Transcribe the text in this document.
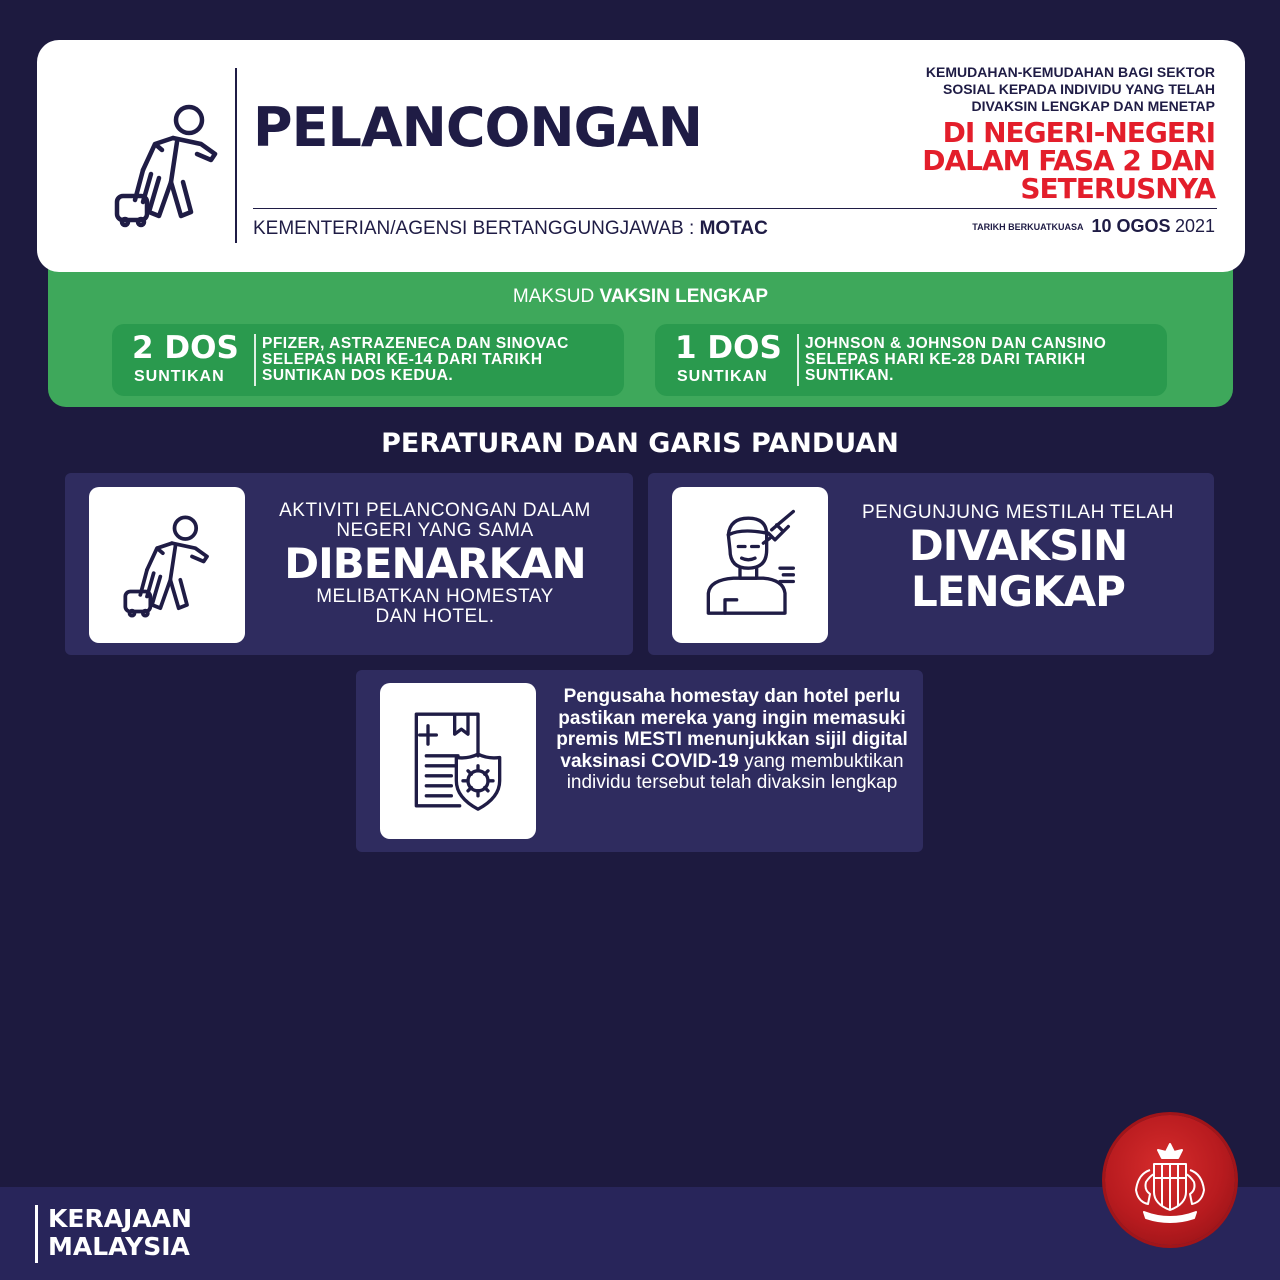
PELANCONGAN
KEMENTERIAN/AGENSI BERTANGGUNGJAWAB : MOTAC
KEMUDAHAN-KEMUDAHAN BAGI SEKTOR
SOSIAL KEPADA INDIVIDU YANG TELAH
DIVAKSIN LENGKAP DAN MENETAP
DI NEGERI-NEGERI
DALAM FASA 2 DAN
SETERUSNYA
TARIKH BERKUATKUASA 10 OGOS 2021
MAKSUD VAKSIN LENGKAP
2 DOS
SUNTIKAN
PFIZER, ASTRAZENECA DAN SINOVAC
SELEPAS HARI KE-14 DARI TARIKH
SUNTIKAN DOS KEDUA.
1 DOS
SUNTIKAN
JOHNSON & JOHNSON DAN CANSINO
SELEPAS HARI KE-28 DARI TARIKH
SUNTIKAN.
PERATURAN DAN GARIS PANDUAN
AKTIVITI PELANCONGAN DALAM
NEGERI YANG SAMA
DIBENARKAN
MELIBATKAN HOMESTAY
DAN HOTEL.
PENGUNJUNG MESTILAH TELAH
DIVAKSIN
LENGKAP
Pengusaha homestay dan hotel perlu pastikan mereka yang ingin memasuki premis MESTI menunjukkan sijil digital vaksinasi COVID-19 yang membuktikan individu tersebut telah divaksin lengkap
KERAJAAN
MALAYSIA
